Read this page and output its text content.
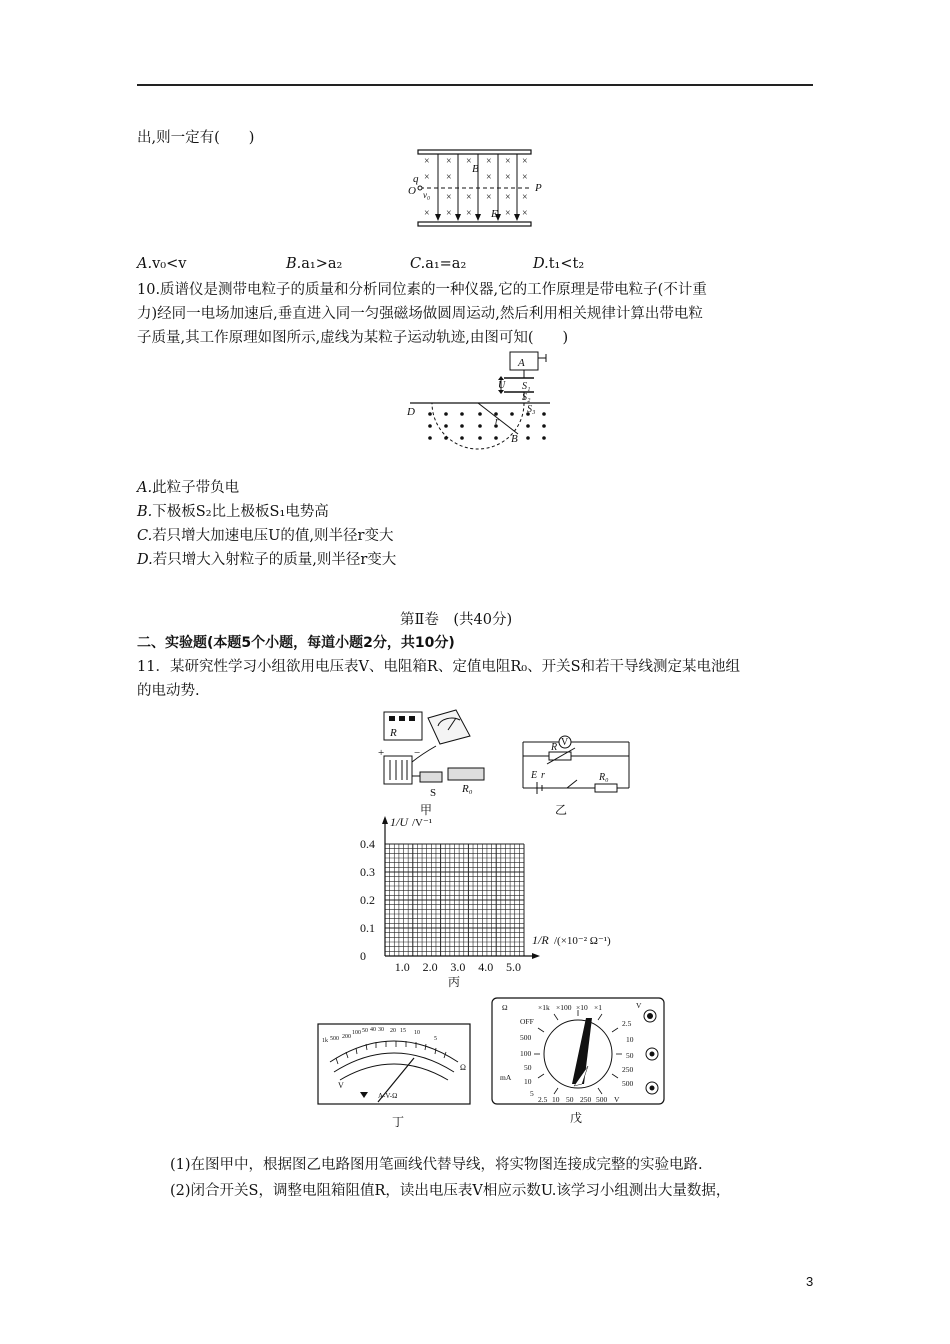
出,则一定有(　　)
× × × × × ×
× ×	× × ×
× × × × ×
× × ×	× ×
q
O v₀
B
E
P
A.v₀<v	B.a₁>a₂	C.a₁=a₂	D.t₁<t₂
10.质谱仪是测带电粒子的质量和分析同位素的一种仪器,它的工作原理是带电粒子(不计重
力)经同一电场加速后,垂直进入同一匀强磁场做圆周运动,然后利用相关规律计算出带电粒
子质量,其工作原理如图所示,虚线为某粒子运动轨迹,由图可知(　　)
A
U S₁
S₂
S₃
D
r
B
A.此粒子带负电
B.下极板S₂比上极板S₁电势高
C.若只增大加速电压U的值,则半径r变大
D.若只增大入射粒子的质量,则半径r变大
第Ⅱ卷　(共40分)
二、实验题(本题5个小题，每道小题2分，共10分)
11．某研究性学习小组欲用电压表V、电阻箱R、定值电阻R₀、开关S和若干导线测定某电池组
的电动势.
R
S R₀
+	−
甲
R V
E r	R₀
乙
1/U /V⁻¹
1/R /(×10⁻² Ω⁻¹)
0.4
0.3
0.2
0.1
0
1.0 2.0 3.0 4.0 5.0
丙
1k 500 200
100 50 40 30 20 15 10
5
Ω
A-V-Ω
V
丁
×1k ×100 ×10 ×1
Ω
OFF
500
100
50
10
5
mA
V
2.5
10
50
250
500
2.5 10 50 250 500 V
戊
(1)在图甲中，根据图乙电路图用笔画线代替导线，将实物图连接成完整的实验电路.
(2)闭合开关S，调整电阻箱阻值R，读出电压表V相应示数U.该学习小组测出大量数据，
3
